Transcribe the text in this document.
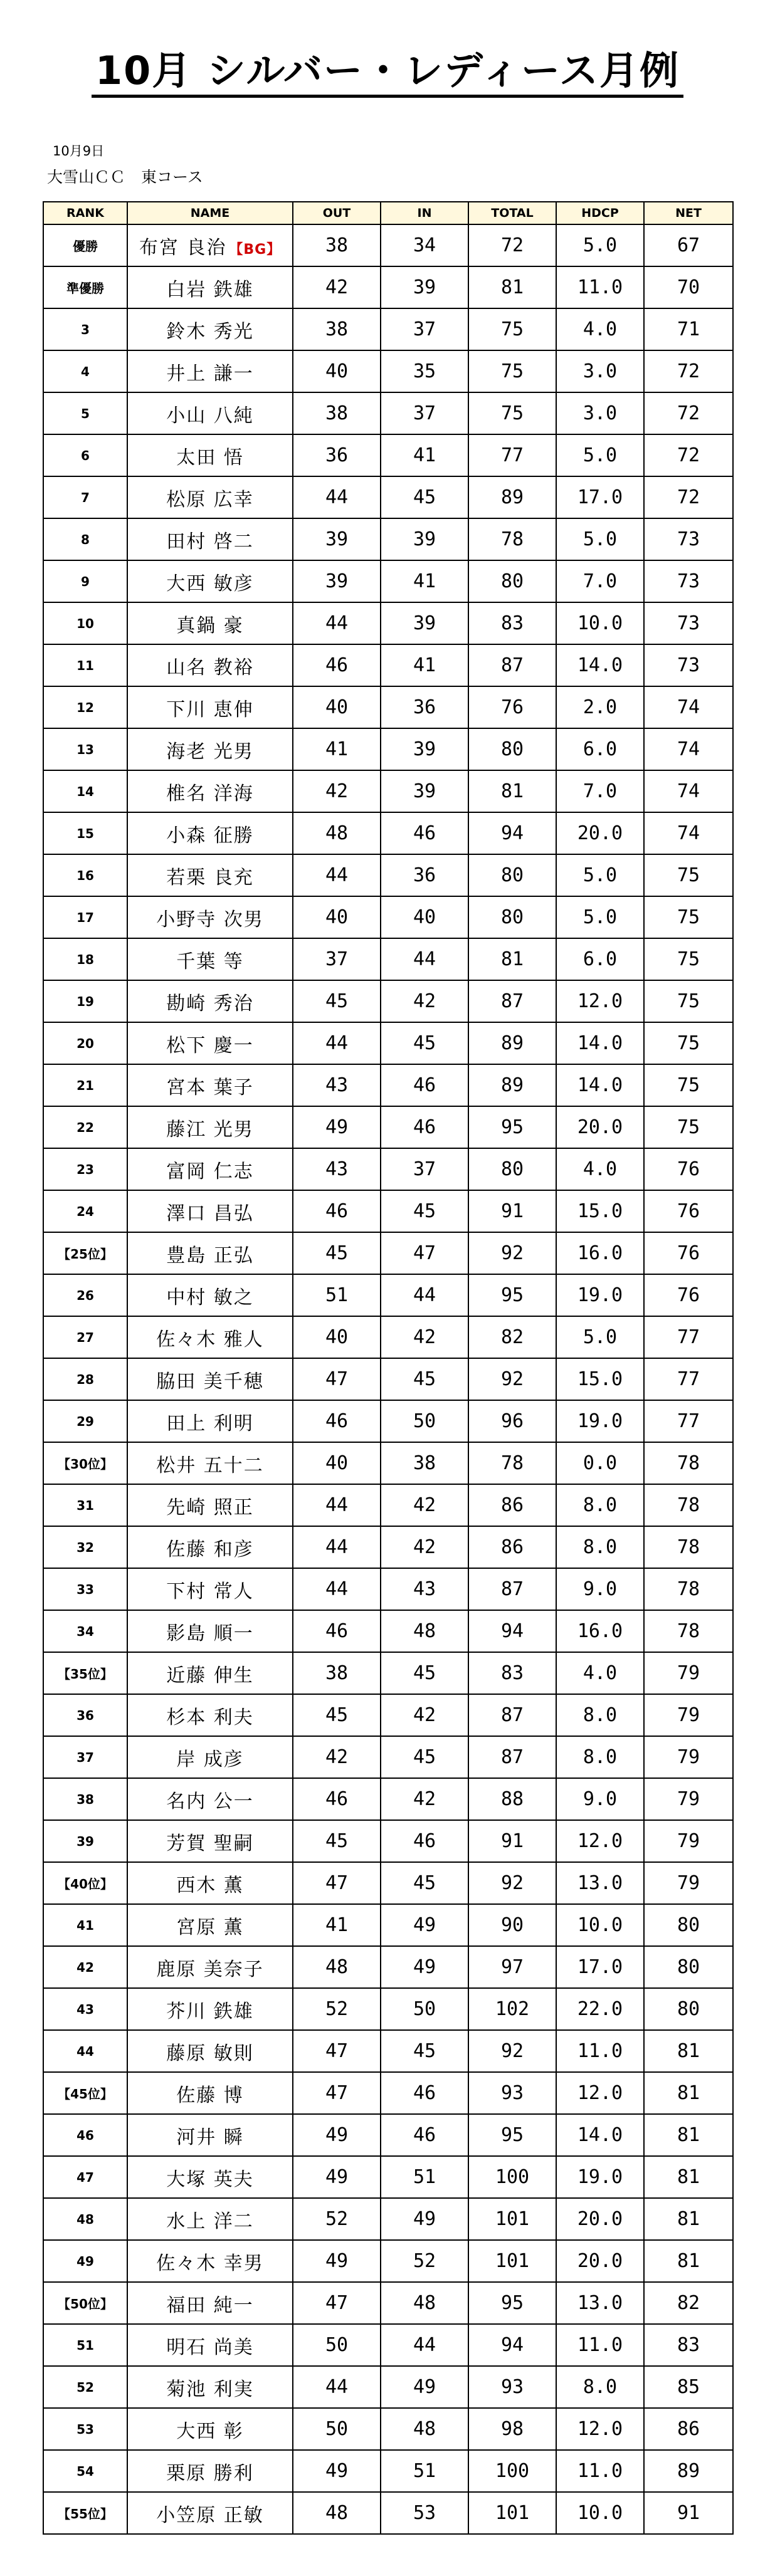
10月 シルバー・レディース月例
10月9日
大雪山ＣＣ　東コース
RANK	NAME	OUT	IN	TOTAL	HDCP	NET
優勝	布宮 良治 【BG】	38	34	72	5.0	67
準優勝	白岩 鉄雄	42	39	81	11.0	70
3	鈴木 秀光	38	37	75	4.0	71
4	井上 謙一	40	35	75	3.0	72
5	小山 八純	38	37	75	3.0	72
6	太田 悟	36	41	77	5.0	72
7	松原 広幸	44	45	89	17.0	72
8	田村 啓二	39	39	78	5.0	73
9	大西 敏彦	39	41	80	7.0	73
10	真鍋 豪	44	39	83	10.0	73
11	山名 教裕	46	41	87	14.0	73
12	下川 恵伸	40	36	76	2.0	74
13	海老 光男	41	39	80	6.0	74
14	椎名 洋海	42	39	81	7.0	74
15	小森 征勝	48	46	94	20.0	74
16	若栗 良充	44	36	80	5.0	75
17	小野寺 次男	40	40	80	5.0	75
18	千葉 等	37	44	81	6.0	75
19	勘崎 秀治	45	42	87	12.0	75
20	松下 慶一	44	45	89	14.0	75
21	宮本 葉子	43	46	89	14.0	75
22	藤江 光男	49	46	95	20.0	75
23	富岡 仁志	43	37	80	4.0	76
24	澤口 昌弘	46	45	91	15.0	76
【25位】	豊島 正弘	45	47	92	16.0	76
26	中村 敏之	51	44	95	19.0	76
27	佐々木 雅人	40	42	82	5.0	77
28	脇田 美千穂	47	45	92	15.0	77
29	田上 利明	46	50	96	19.0	77
【30位】	松井 五十二	40	38	78	0.0	78
31	先崎 照正	44	42	86	8.0	78
32	佐藤 和彦	44	42	86	8.0	78
33	下村 常人	44	43	87	9.0	78
34	影島 順一	46	48	94	16.0	78
【35位】	近藤 伸生	38	45	83	4.0	79
36	杉本 利夫	45	42	87	8.0	79
37	岸 成彦	42	45	87	8.0	79
38	名内 公一	46	42	88	9.0	79
39	芳賀 聖嗣	45	46	91	12.0	79
【40位】	西木 薫	47	45	92	13.0	79
41	宮原 薫	41	49	90	10.0	80
42	鹿原 美奈子	48	49	97	17.0	80
43	芥川 鉄雄	52	50	102	22.0	80
44	藤原 敏則	47	45	92	11.0	81
【45位】	佐藤 博	47	46	93	12.0	81
46	河井 瞬	49	46	95	14.0	81
47	大塚 英夫	49	51	100	19.0	81
48	水上 洋二	52	49	101	20.0	81
49	佐々木 幸男	49	52	101	20.0	81
【50位】	福田 純一	47	48	95	13.0	82
51	明石 尚美	50	44	94	11.0	83
52	菊池 利実	44	49	93	8.0	85
53	大西 彰	50	48	98	12.0	86
54	栗原 勝利	49	51	100	11.0	89
【55位】	小笠原 正敏	48	53	101	10.0	91
